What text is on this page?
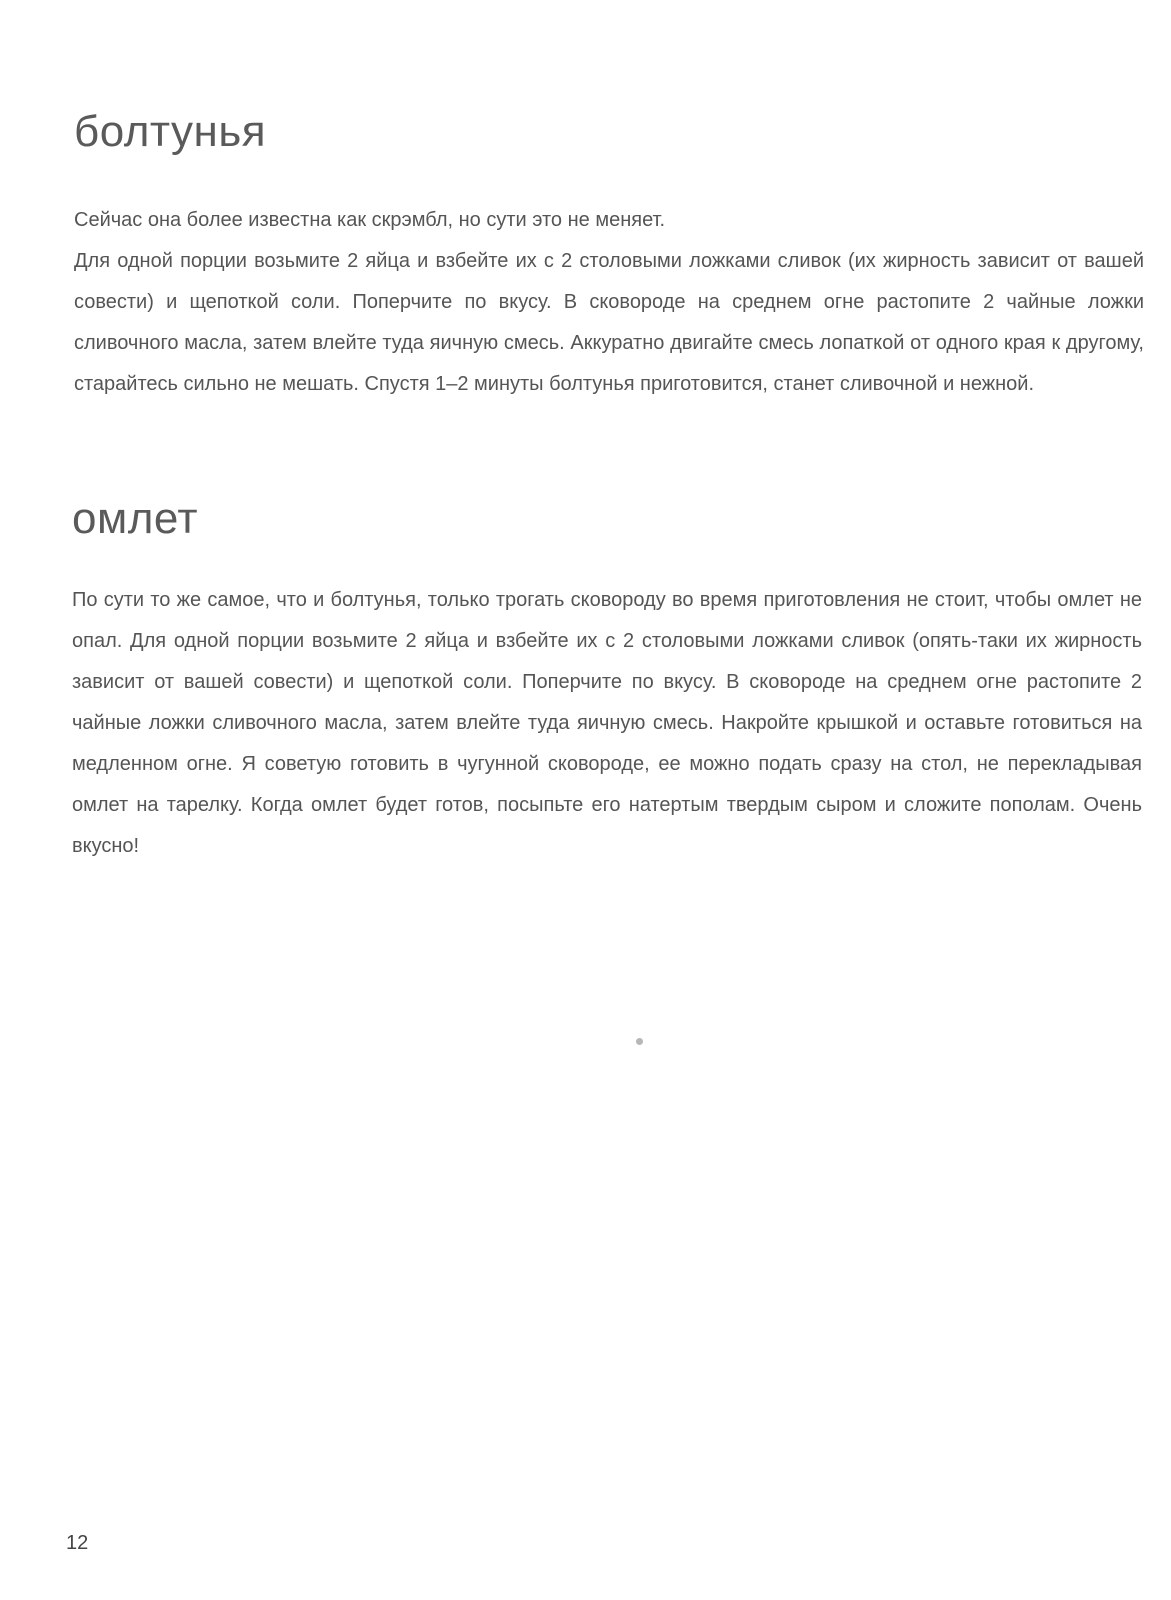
болтунья

Сейчас она более известна как скрэмбл, но сути это не меняет.

Для одной порции возьмите 2 яйца и взбейте их с 2 столовыми ложками сливок (их жирность зависит от вашей совести) и щепоткой соли. Поперчите по вкусу. В сковороде на среднем огне растопите 2 чайные ложки сливочного масла, затем влейте туда яичную смесь. Аккуратно двигайте смесь лопаткой от одного края к другому, старайтесь сильно не мешать. Спустя 1–2 минуты болтунья приготовится, станет сливочной и нежной.

омлет

По сути то же самое, что и болтунья, только трогать сковороду во время приготовления не стоит, чтобы омлет не опал. Для одной порции возьмите 2 яйца и взбейте их с 2 столовыми ложками сливок (опять-таки их жирность зависит от вашей совести) и щепоткой соли. Поперчите по вкусу. В сковороде на среднем огне растопите 2 чайные ложки сливочного масла, затем влейте туда яичную смесь. Накройте крышкой и оставьте готовиться на медленном огне. Я советую готовить в чугунной сковороде, ее можно подать сразу на стол, не перекладывая омлет на тарелку. Когда омлет будет готов, посыпьте его натертым твердым сыром и сложите пополам. Очень вкусно!

12
